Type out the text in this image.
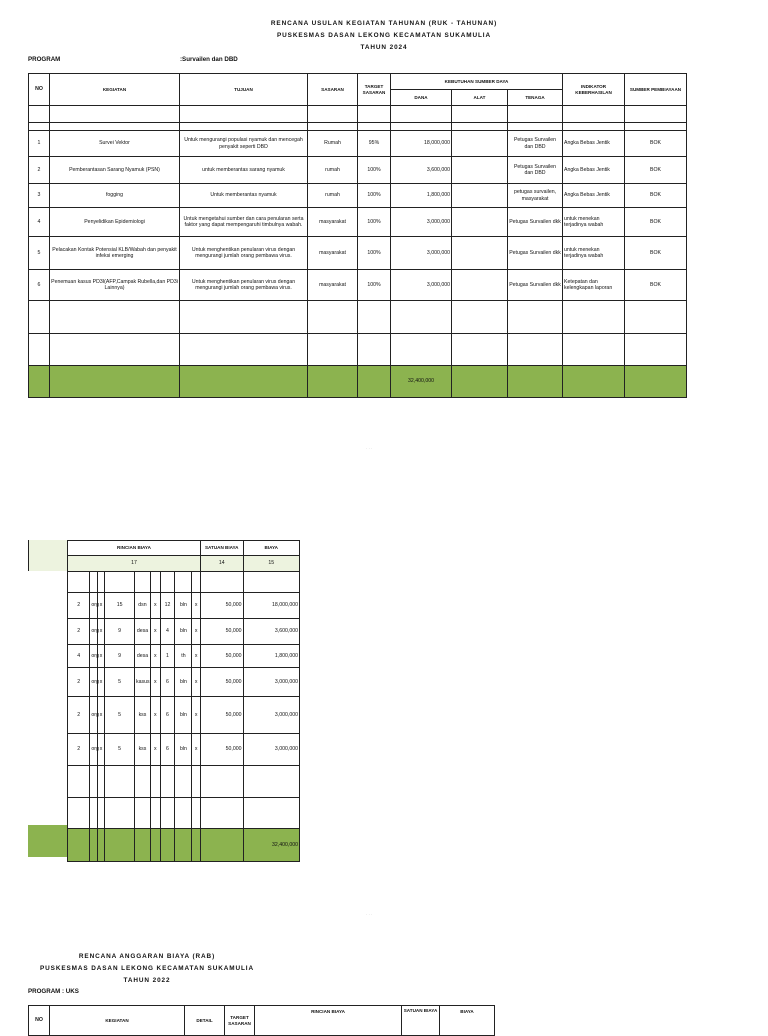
RENCANA USULAN KEGIATAN TAHUNAN (RUK - TAHUNAN)
PUSKESMAS DASAN LEKONG KECAMATAN SUKAMULIA
TAHUN 2024
PROGRAM	:Survailen dan DBD
NO	KEGIATAN	TUJUAN	SASARAN	TARGET SASARAN	KEBUTUHAN SUMBER DAYA			INDIKATOR KEBERHASILAN	SUMBER PEMBIAYAAN
					DANA	ALAT	TENAGA		

1	Survei Vektor	Untuk mengurangi populasi nyamuk dan mencegah penyakit seperti DBD	Rumah	95%	18,000,000		Petugas Survailen dan DBD	Angka Bebas Jentik	BOK
2	Pemberantasan Sarang Nyamuk (PSN)	untuk memberantas sarang nyamuk	rumah	100%	3,600,000		Petugas Survailen dan DBD	Angka Bebas Jentik	BOK
3	fogging	Untuk memberantas nyamuk	rumah	100%	1,800,000		petugas survailen, masyarakat	Angka Bebas Jentik	BOK
4	Penyelidikan Epidemiologi	Untuk mengetahui sumber dan cara penularan serta faktor yang dapat mempengaruhi timbulnya wabah.	masyarakat	100%	3,000,000		Petugas Survailen dkk	untuk menekan terjadinya wabah	BOK
5	Pelacakan Kontak Potensial KLB/Wabah dan penyakit infeksi emerging	Untuk menghentikan penularan virus dengan mengurangi jumlah orang pembawa virus.	masyarakat	100%	3,000,000		Petugas Survailen dkk	untuk menekan terjadinya wabah	BOK
6	Penemuan kasus PD3I(AFP,Campak Rubella,dan PD3i Lainnya)	Untuk menghentikan penularan virus dengan mengurangi jumlah orang pembawa virus.	masyarakat	100%	3,000,000		Petugas Survailen dkk	Ketepatan dan kelengkapan laporan	BOK

					32,400,000				
· · ·
RINCIAN BIAYA									SATUAN BIAYA	BIAYA
17									14	15

2	org	x	15	dsn	x	12	bln	x	50,000	18,000,000
2	org	x	9	desa	x	4	bln	x	50,000	3,600,000
4	org	x	9	desa	x	1	th	x	50,000	1,800,000
2	org	x	5	kasus	x	6	bln	x	50,000	3,000,000
2	org	x	5	kss	x	6	bln	x	50,000	3,000,000
2	org	x	5	kss	x	6	bln	x	50,000	3,000,000

										32,400,000
· · ·
RENCANA ANGGARAN BIAYA (RAB)
PUSKESMAS DASAN LEKONG KECAMATAN SUKAMULIA
TAHUN 2022
PROGRAM : UKS
NO	KEGIATAN	DETAIL	TARGET SASARAN	RINCIAN BIAYA	SATUAN BIAYA	BIAYA
